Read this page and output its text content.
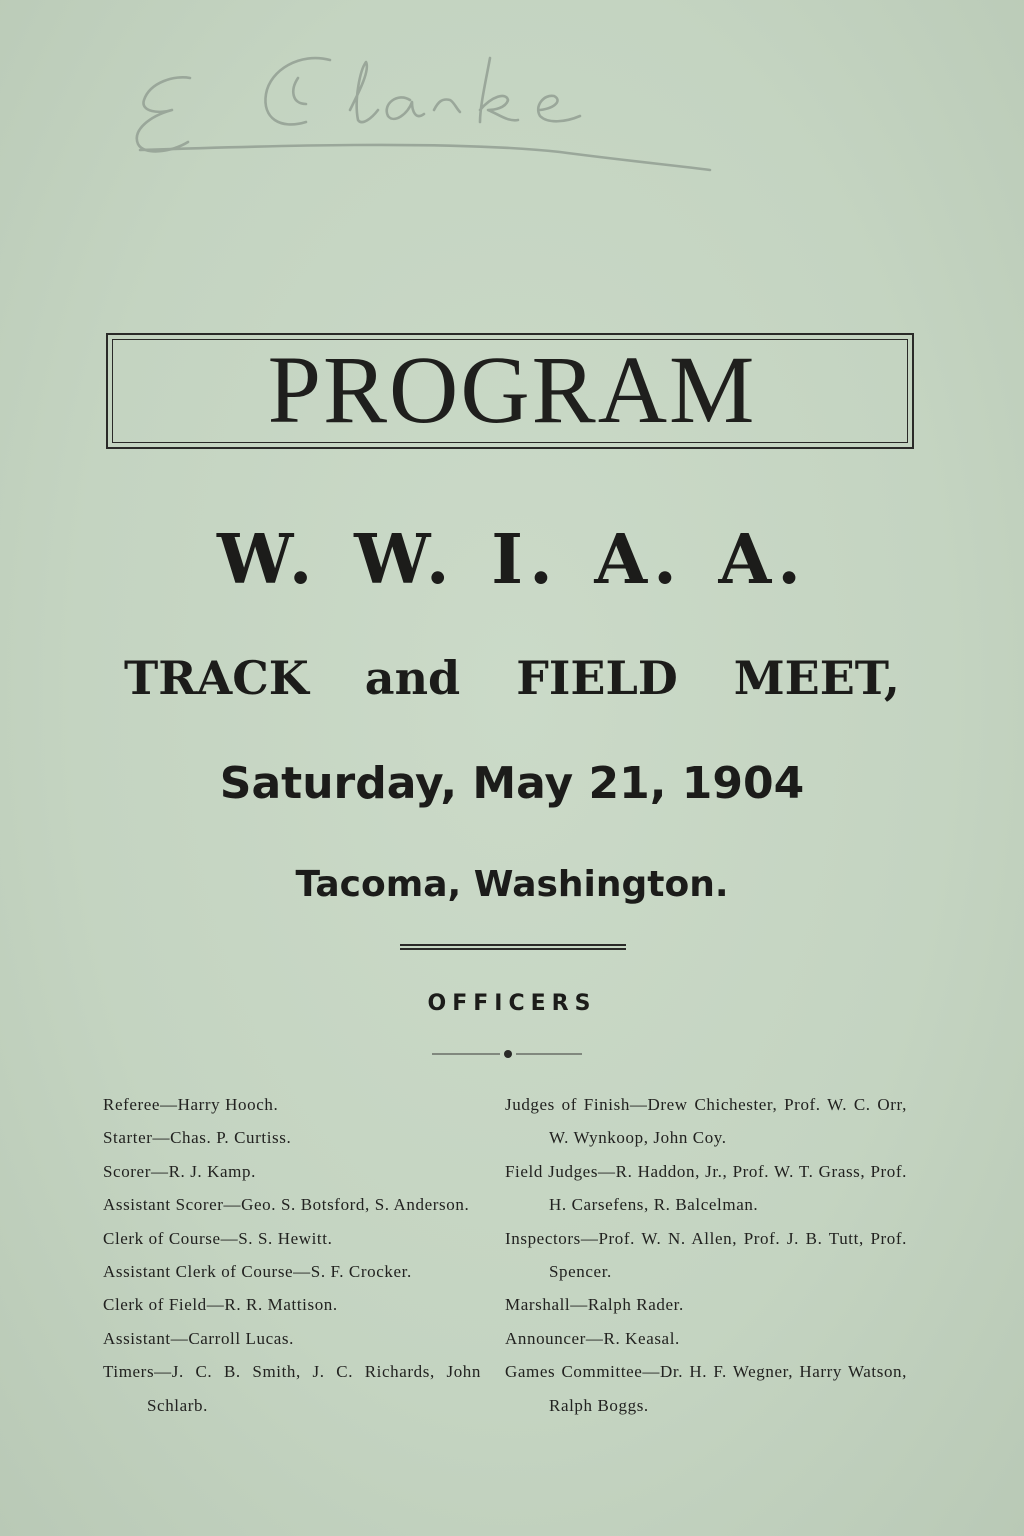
PROGRAM
W. W. I. A. A.
TRACK and FIELD MEET,
Saturday, May 21, 1904
Tacoma, Washington.
OFFICERS
Referee—Harry Hooch.
Starter—Chas. P. Curtiss.
Scorer—R. J. Kamp.
Assistant Scorer—Geo. S. Botsford, S. Anderson.
Clerk of Course—S. S. Hewitt.
Assistant Clerk of Course—S. F. Crocker.
Clerk of Field—R. R. Mattison.
Assistant—Carroll Lucas.
Timers—J. C. B. Smith, J. C. Richards, John Schlarb.
Judges of Finish—Drew Chichester, Prof. W. C. Orr, W. Wynkoop, John Coy.
Field Judges—R. Haddon, Jr., Prof. W. T. Grass, Prof. H. Carsefens, R. Balcelman.
Inspectors—Prof. W. N. Allen, Prof. J. B. Tutt, Prof. Spencer.
Marshall—Ralph Rader.
Announcer—R. Keasal.
Games Committee—Dr. H. F. Wegner, Harry Watson, Ralph Boggs.
